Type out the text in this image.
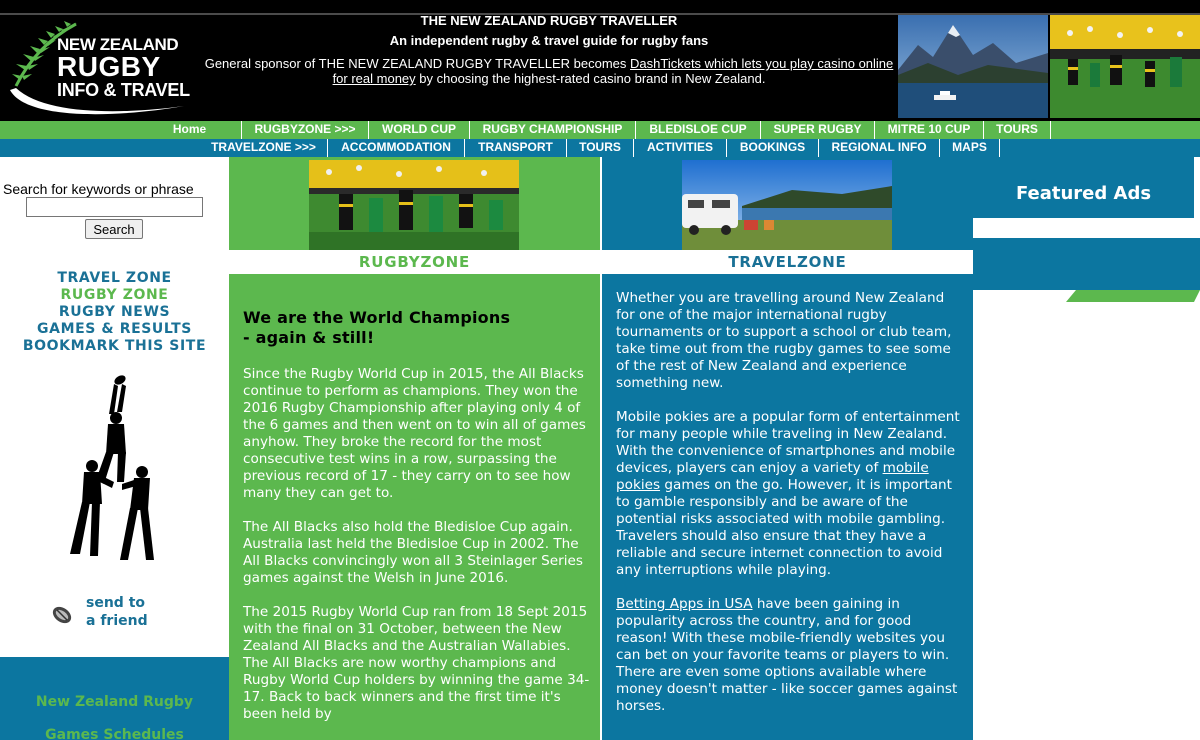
NEW ZEALAND
RUGBY
INFO & TRAVEL
THE NEW ZEALAND RUGBY TRAVELLER
An independent rugby & travel guide for rugby fans
General sponsor of THE NEW ZEALAND RUGBY TRAVELLER becomes DashTickets which lets you play casino online for real money by choosing the highest-rated casino brand in New Zealand.
Home	RUGBYZONE >>>	WORLD CUP	RUGBY CHAMPIONSHIP	BLEDISLOE CUP	SUPER RUGBY	MITRE 10 CUP	TOURS
TRAVELZONE >>>	ACCOMMODATION	TRANSPORT	TOURS	ACTIVITIES	BOOKINGS	REGIONAL INFO	MAPS
Search for keywords or phrase
Search
TRAVEL ZONE
RUGBY ZONE
RUGBY NEWS
GAMES & RESULTS
BOOKMARK THIS SITE
send to
a friend
New Zealand Rugby
Games Schedules
RUGBYZONE
We are the World Champions
- again & still!

Since the Rugby World Cup in 2015, the All Blacks continue to perform as champions. They won the 2016 Rugby Championship after playing only 4 of the 6 games and then went on to win all of games anyhow. They broke the record for the most consecutive test wins in a row, surpassing the previous record of 17 - they carry on to see how many they can get to.

The All Blacks also hold the Bledisloe Cup again. Australia last held the Bledisloe Cup in 2002. The All Blacks convincingly won all 3 Steinlager Series games against the Welsh in June 2016.

The 2015 Rugby World Cup ran from 18 Sept 2015 with the final on 31 October, between the New Zealand All Blacks and the Australian Wallabies. The All Blacks are now worthy champions and Rugby World Cup holders by winning the game 34-17. Back to back winners and the first time it's been held by

TRAVELZONE

Whether you are travelling around New Zealand for one of the major international rugby tournaments or to support a school or club team, take time out from the rugby games to see some of the rest of New Zealand and experience something new.

Mobile pokies are a popular form of entertainment for many people while traveling in New Zealand. With the convenience of smartphones and mobile devices, players can enjoy a variety of mobile pokies games on the go. However, it is important to gamble responsibly and be aware of the potential risks associated with mobile gambling. Travelers should also ensure that they have a reliable and secure internet connection to avoid any interruptions while playing.

Betting Apps in USA have been gaining in popularity across the country, and for good reason! With these mobile-friendly websites you can bet on your favorite teams or players to win. There are even some options available where money doesn't matter - like soccer games against horses.

Featured Ads
